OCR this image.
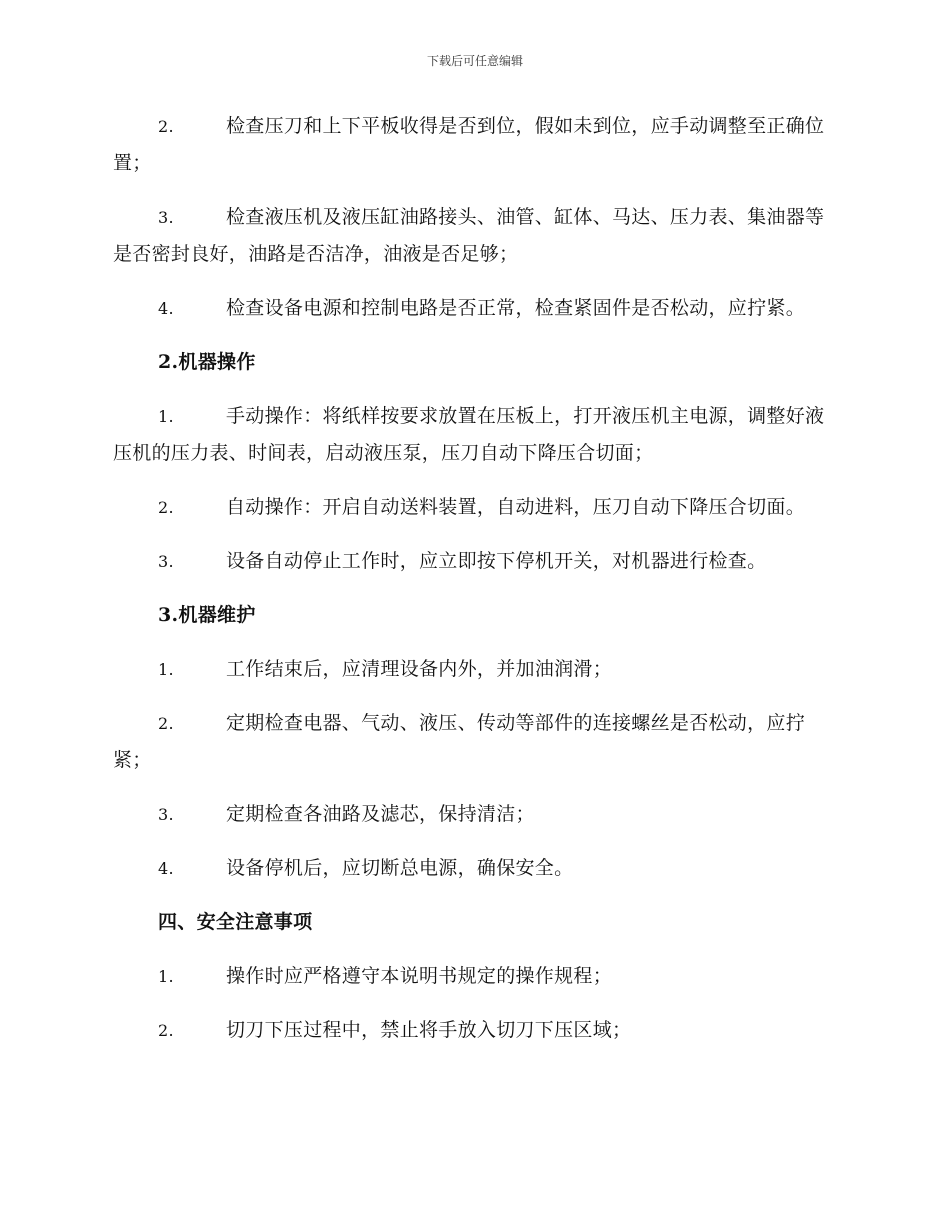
下载后可任意编辑

2.	检查压刀和上下平板收得是否到位，假如未到位，应手动调整至正确位置；

3.	检查液压机及液压缸油路接头、油管、缸体、马达、压力表、集油器等是否密封良好，油路是否洁净，油液是否足够；

4.	检查设备电源和控制电路是否正常，检查紧固件是否松动，应拧紧。

2.机器操作

1.	手动操作：将纸样按要求放置在压板上，打开液压机主电源，调整好液压机的压力表、时间表，启动液压泵，压刀自动下降压合切面；

2.	自动操作：开启自动送料装置，自动进料，压刀自动下降压合切面。

3.	设备自动停止工作时，应立即按下停机开关，对机器进行检查。

3.机器维护

1.	工作结束后，应清理设备内外，并加油润滑；

2.	定期检查电器、气动、液压、传动等部件的连接螺丝是否松动，应拧紧；

3.	定期检查各油路及滤芯，保持清洁；

4.	设备停机后，应切断总电源，确保安全。

四、安全注意事项

1.	操作时应严格遵守本说明书规定的操作规程；

2.	切刀下压过程中，禁止将手放入切刀下压区域；
